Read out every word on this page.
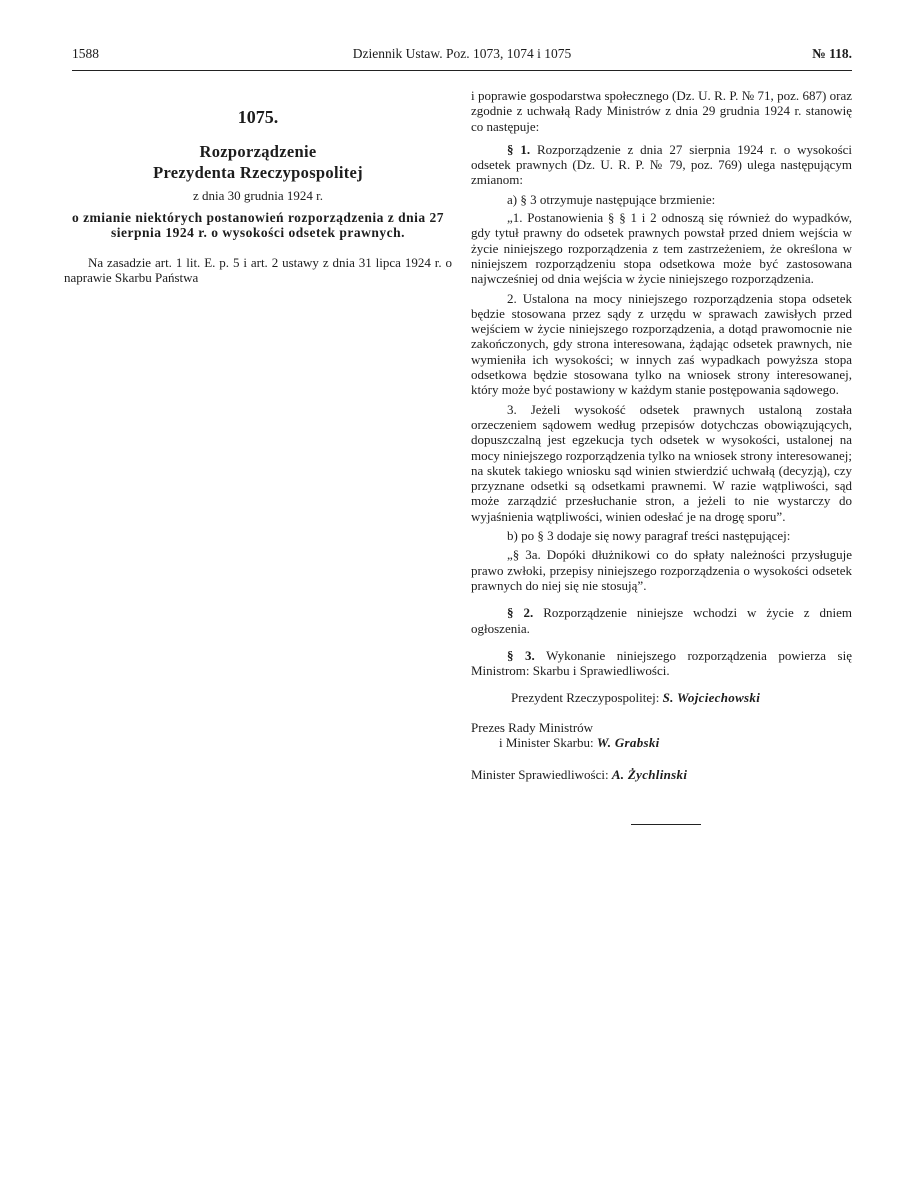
1588	Dziennik Ustaw. Poz. 1073, 1074 i 1075	№ 118.
1075.
Rozporządzenie
Prezydenta Rzeczypospolitej
z dnia 30 grudnia 1924 r.

o zmianie niektórych postanowień rozporządzenia z dnia 27 sierpnia 1924 r. o wysokości odsetek prawnych.

Na zasadzie art. 1 lit. E. p. 5 i art. 2 ustawy z dnia 31 lipca 1924 r. o naprawie Skarbu Państwa

i poprawie gospodarstwa społecznego (Dz. U. R. P. № 71, poz. 687) oraz zgodnie z uchwałą Rady Ministrów z dnia 29 grudnia 1924 r. stanowię co następuje:

§ 1. Rozporządzenie z dnia 27 sierpnia 1924 r. o wysokości odsetek prawnych (Dz. U. R. P. № 79, poz. 769) ulega następującym zmianom:

a) § 3 otrzymuje następujące brzmienie:

„1. Postanowienia § § 1 i 2 odnoszą się również do wypadków, gdy tytuł prawny do odsetek prawnych powstał przed dniem wejścia w życie niniejszego rozporządzenia z tem zastrzeżeniem, że określona w niniejszem rozporządzeniu stopa odsetkowa może być zastosowana najwcześniej od dnia wejścia w życie niniejszego rozporządzenia.

2. Ustalona na mocy niniejszego rozporządzenia stopa odsetek będzie stosowana przez sądy z urzędu w sprawach zawisłych przed wejściem w życie niniejszego rozporządzenia, a dotąd prawomocnie nie zakończonych, gdy strona interesowana, żądając odsetek prawnych, nie wymieniła ich wysokości; w innych zaś wypadkach powyższa stopa odsetkowa będzie stosowana tylko na wniosek strony interesowanej, który może być postawiony w każdym stanie postępowania sądowego.

3. Jeżeli wysokość odsetek prawnych ustaloną została orzeczeniem sądowem według przepisów dotychczas obowiązujących, dopuszczalną jest egzekucja tych odsetek w wysokości, ustalonej na mocy niniejszego rozporządzenia tylko na wniosek strony interesowanej; na skutek takiego wniosku sąd winien stwierdzić uchwałą (decyzją), czy przyznane odsetki są odsetkami prawnemi. W razie wątpliwości, sąd może zarządzić przesłuchanie stron, a jeżeli to nie wystarczy do wyjaśnienia wątpliwości, winien odesłać je na drogę sporu”.

b) po § 3 dodaje się nowy paragraf treści następującej:

„§ 3a. Dopóki dłużnikowi co do spłaty należności przysługuje prawo zwłoki, przepisy niniejszego rozporządzenia o wysokości odsetek prawnych do niej się nie stosują”.

§ 2. Rozporządzenie niniejsze wchodzi w życie z dniem ogłoszenia.

§ 3. Wykonanie niniejszego rozporządzenia powierza się Ministrom: Skarbu i Sprawiedliwości.

Prezydent Rzeczypospolitej: S. Wojciechowski
Prezes Rady Ministrów
i Minister Skarbu: W. Grabski
Minister Sprawiedliwości: A. Żychlinski
